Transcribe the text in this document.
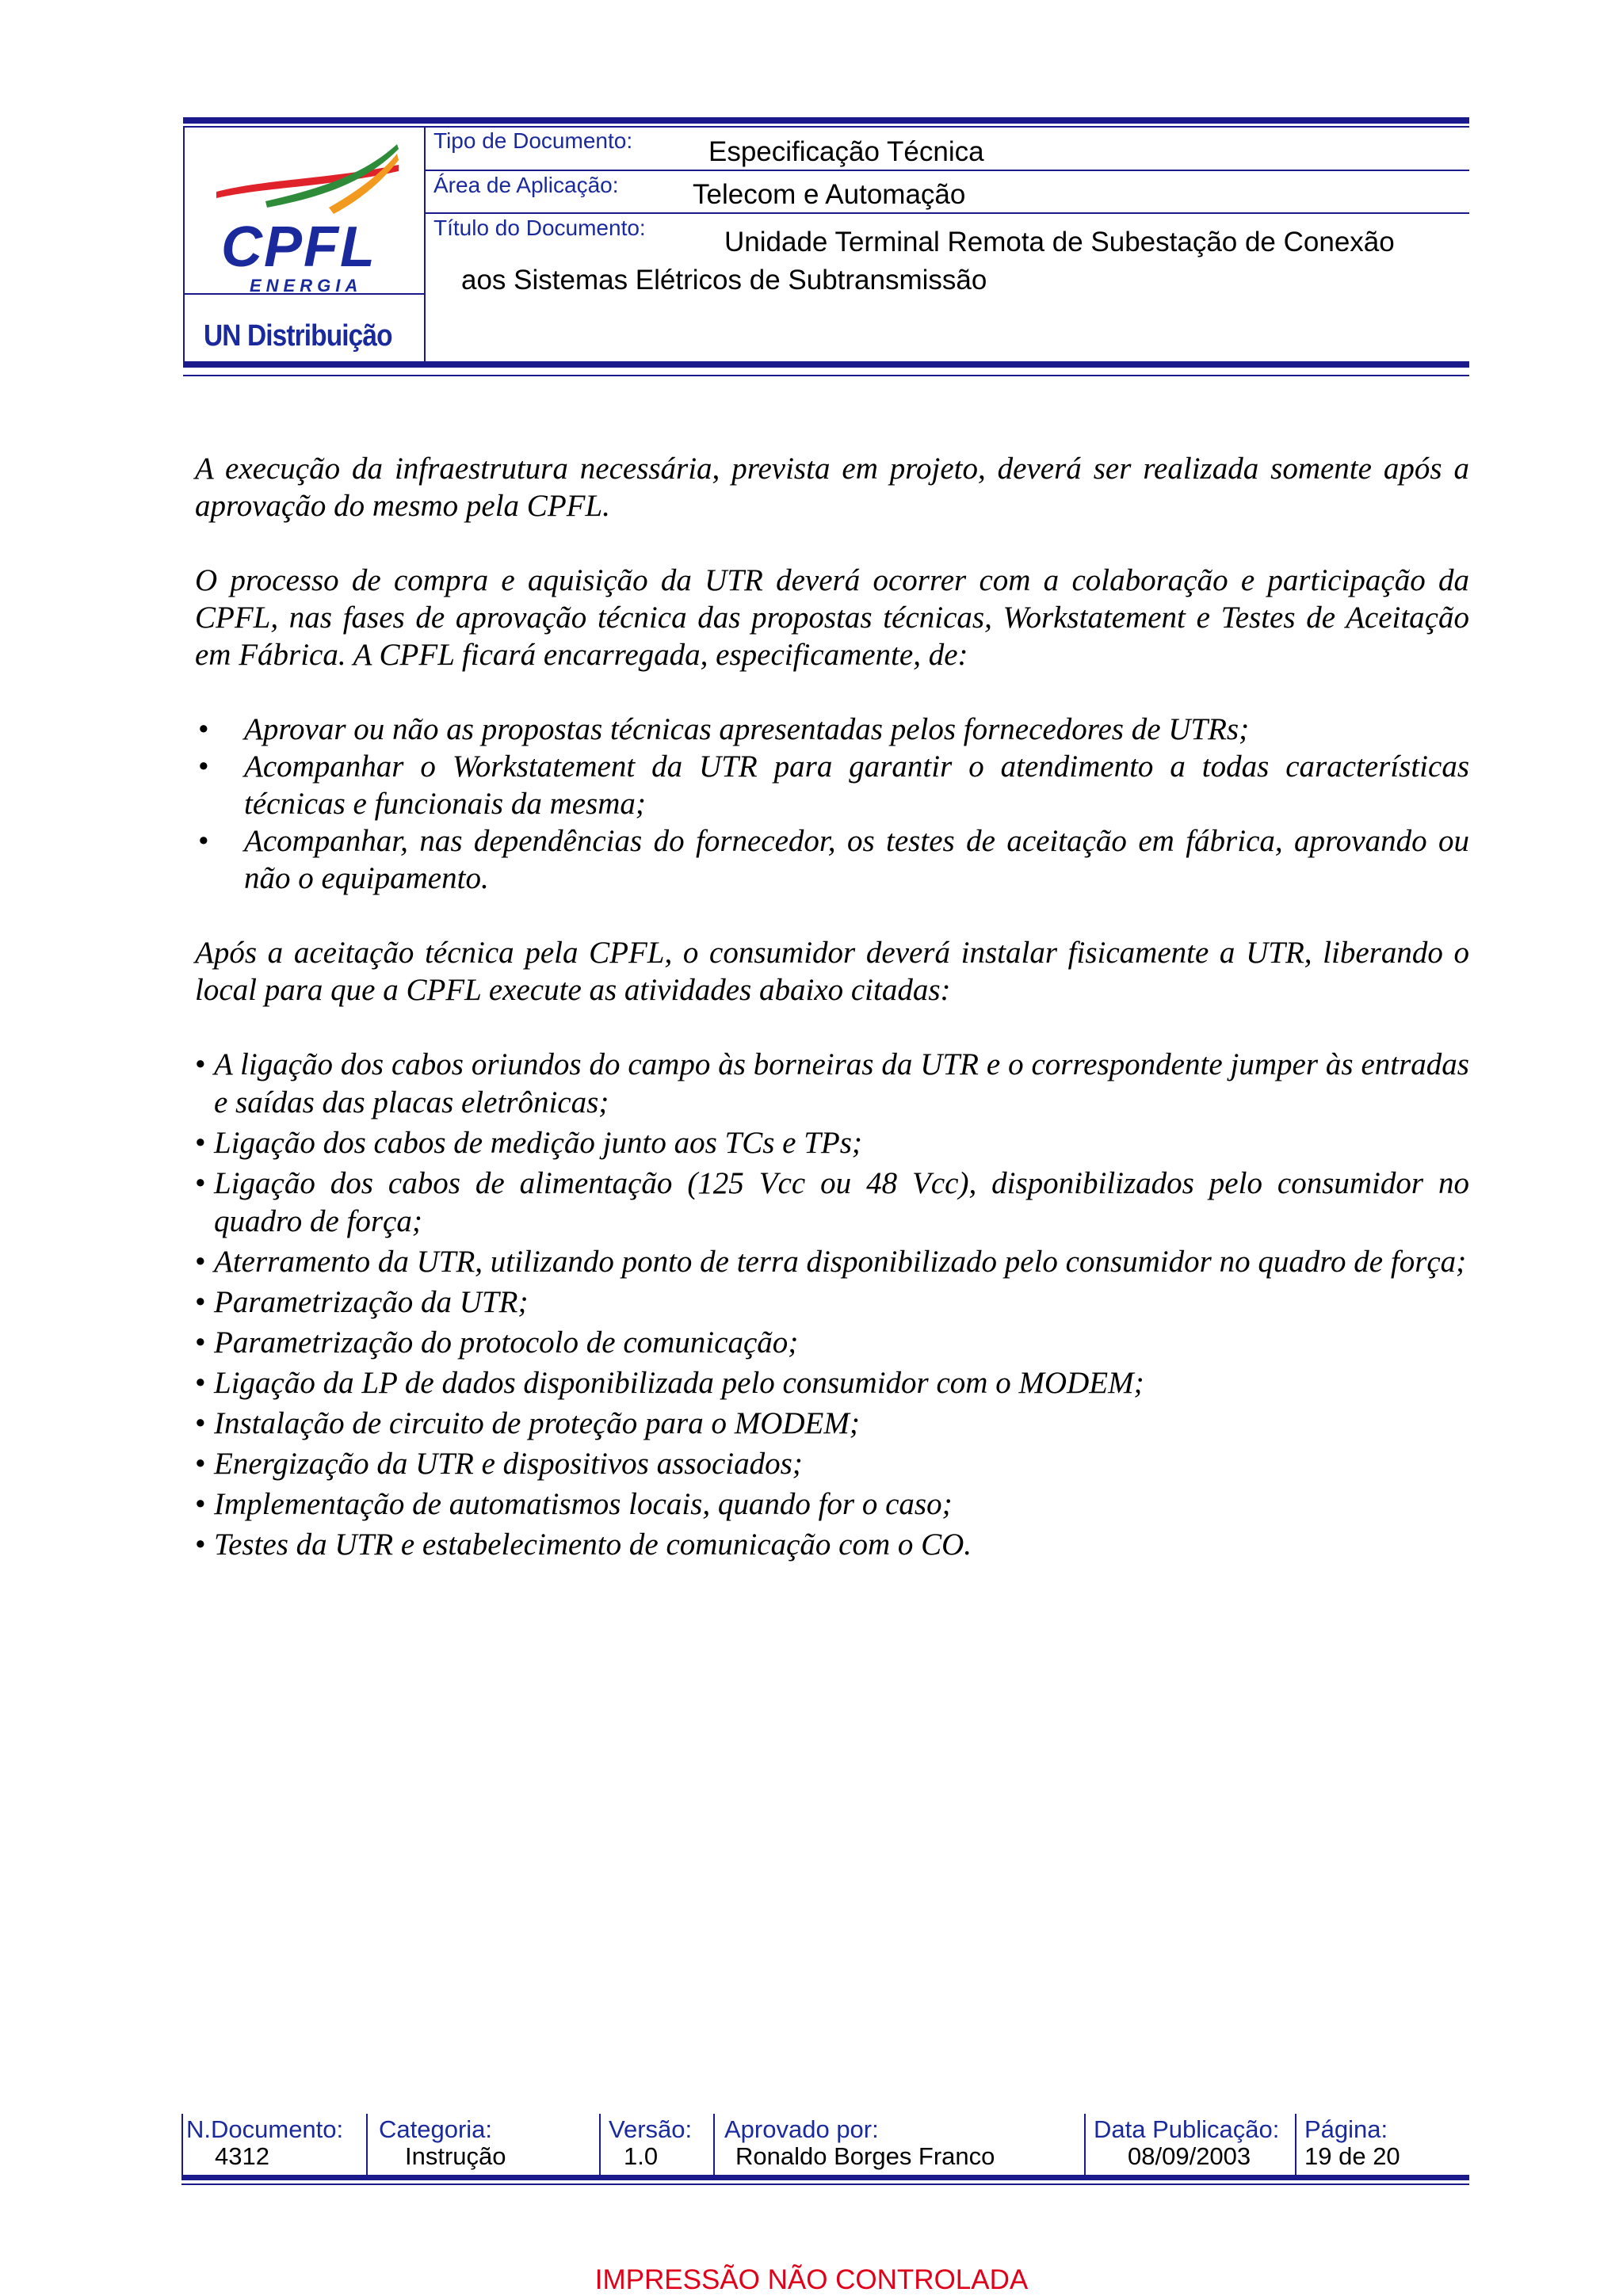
CPFL
ENERGIA
UN Distribuição
Tipo de Documento:	Especificação Técnica
Área de Aplicação:	Telecom e Automação
Título do Documento:	Unidade Terminal Remota de Subestação de Conexão
aos Sistemas Elétricos de Subtransmissão

A execução da infraestrutura necessária, prevista em projeto, deverá ser realizada somente após a aprovação do mesmo pela CPFL.

O processo de compra e aquisição da UTR deverá ocorrer com a colaboração e participação da CPFL, nas fases de aprovação técnica das propostas técnicas, Workstatement e Testes de Aceitação em Fábrica. A CPFL ficará encarregada, especificamente, de:

• Aprovar ou não as propostas técnicas apresentadas pelos fornecedores de UTRs;
• Acompanhar o Workstatement da UTR para garantir o atendimento a todas características técnicas e funcionais da mesma;
• Acompanhar, nas dependências do fornecedor, os testes de aceitação em fábrica, aprovando ou não o equipamento.

Após a aceitação técnica pela CPFL, o consumidor deverá instalar fisicamente a UTR, liberando o local para que a CPFL execute as atividades abaixo citadas:

• A ligação dos cabos oriundos do campo às borneiras da UTR e o correspondente jumper às entradas e saídas das placas eletrônicas;
• Ligação dos cabos de medição junto aos TCs e TPs;
• Ligação dos cabos de alimentação (125 Vcc ou 48 Vcc), disponibilizados pelo consumidor no quadro de força;
• Aterramento da UTR, utilizando ponto de terra disponibilizado pelo consumidor no quadro de força;
• Parametrização da UTR;
• Parametrização do protocolo de comunicação;
• Ligação da LP de dados disponibilizada pelo consumidor com o MODEM;
• Instalação de circuito de proteção para o MODEM;
• Energização da UTR e dispositivos associados;
• Implementação de automatismos locais, quando for o caso;
• Testes da UTR e estabelecimento de comunicação com o CO.
N.Documento:
4312
Categoria:
Instrução
Versão:
1.0
Aprovado por:
Ronaldo Borges Franco
Data Publicação:
08/09/2003
Página:
19 de 20
IMPRESSÃO NÃO CONTROLADA
